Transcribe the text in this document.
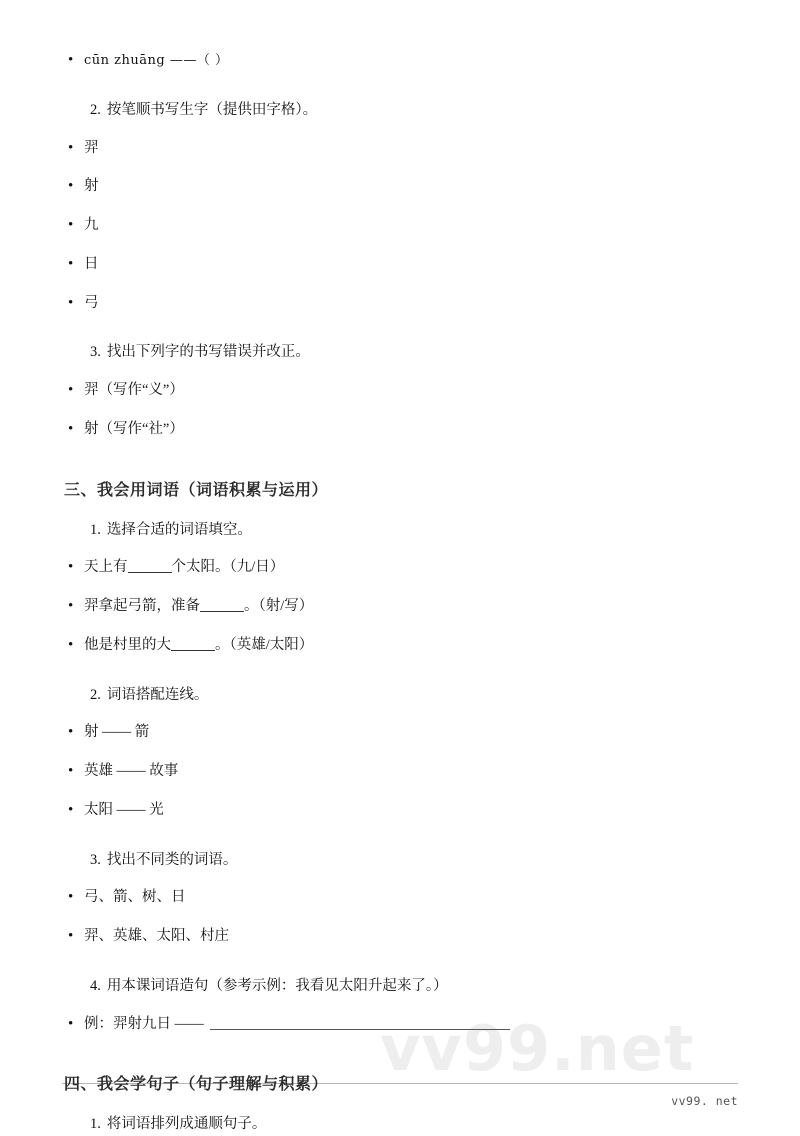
vv99.net

• cūn zhuāng ——（ ）

2. 按笔顺书写生字（提供田字格）。

• 羿

• 射

• 九

• 日

• 弓

3. 找出下列字的书写错误并改正。

• 羿（写作“义”）

• 射（写作“社”）

三、我会用词语（词语积累与运用）

1. 选择合适的词语填空。

• 天上有	个太阳。（九/日）

• 羿拿起弓箭，准备	。（射/写）

• 他是村里的大	。（英雄/太阳）

2. 词语搭配连线。

• 射 —— 箭

• 英雄 —— 故事

• 太阳 —— 光

3. 找出不同类的词语。

• 弓、箭、树、日

• 羿、英雄、太阳、村庄

4. 用本课词语造句（参考示例：我看见太阳升起来了。）

• 例：羿射九日 ——

四、我会学句子（句子理解与积累）

1. 将词语排列成通顺句子。

vv99. net
